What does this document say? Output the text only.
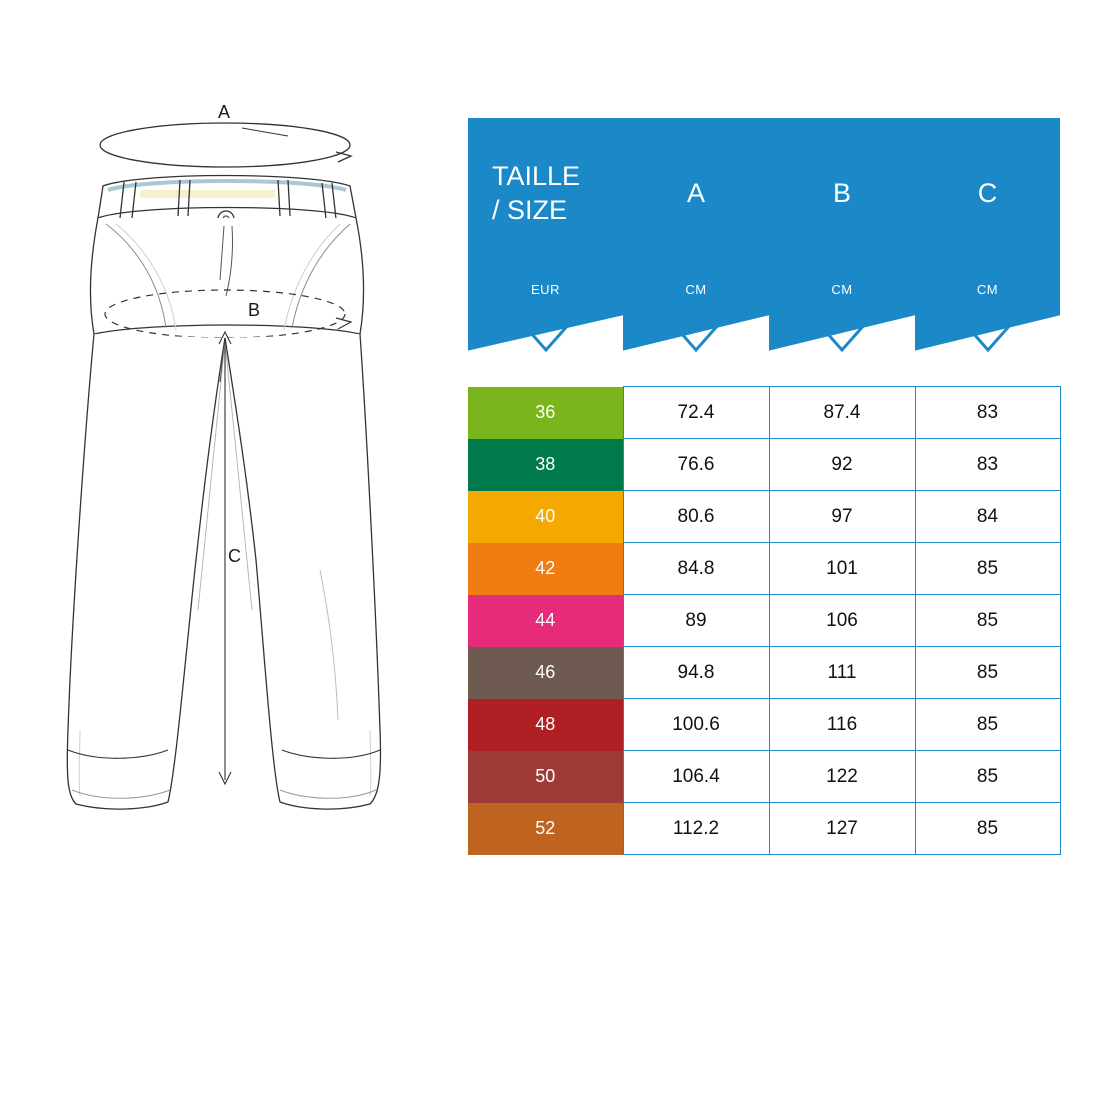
A
B
C
TAILLE
/ SIZE	A	B	C

EUR	CM	CM	CM

36	72.4	87.4	83
38	76.6	92	83
40	80.6	97	84
42	84.8	101	85
44	89	106	85
46	94.8	111	85
48	100.6	116	85
50	106.4	122	85
52	112.2	127	85
